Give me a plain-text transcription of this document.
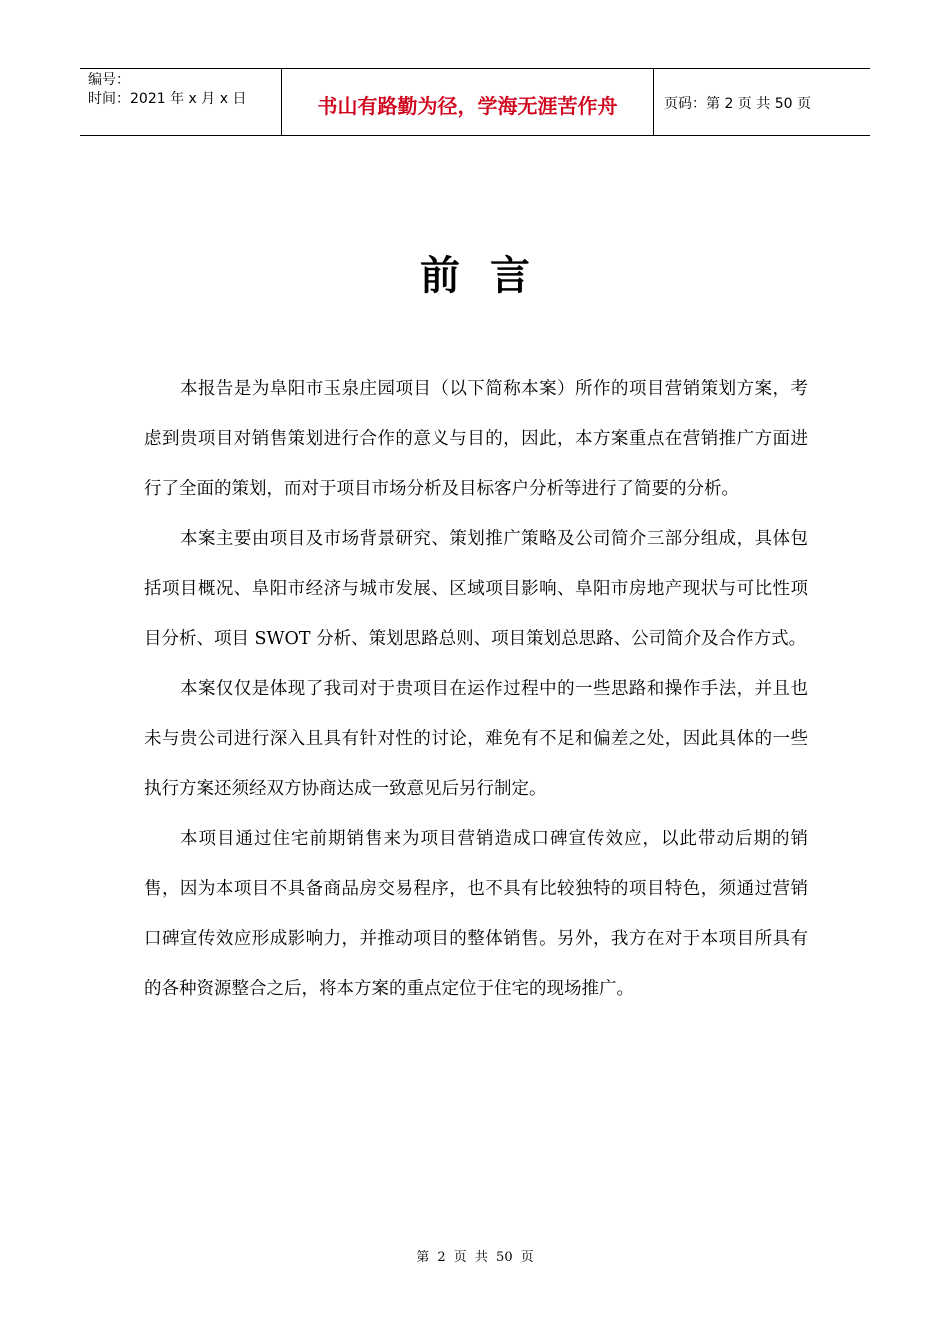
编号：
时间：2021 年 x 月 x 日	书山有路勤为径，学海无涯苦作舟	页码：第 2 页 共 50 页
前言

本报告是为阜阳市玉泉庄园项目（以下简称本案）所作的项目营销策划方案，考虑到贵项目对销售策划进行合作的意义与目的，因此，本方案重点在营销推广方面进行了全面的策划，而对于项目市场分析及目标客户分析等进行了简要的分析。

本案主要由项目及市场背景研究、策划推广策略及公司简介三部分组成，具体包括项目概况、阜阳市经济与城市发展、区域项目影响、阜阳市房地产现状与可比性项目分析、项目 SWOT 分析、策划思路总则、项目策划总思路、公司简介及合作方式。

本案仅仅是体现了我司对于贵项目在运作过程中的一些思路和操作手法，并且也未与贵公司进行深入且具有针对性的讨论，难免有不足和偏差之处，因此具体的一些执行方案还须经双方协商达成一致意见后另行制定。

本项目通过住宅前期销售来为项目营销造成口碑宣传效应，以此带动后期的销售，因为本项目不具备商品房交易程序，也不具有比较独特的项目特色，须通过营销口碑宣传效应形成影响力，并推动项目的整体销售。另外，我方在对于本项目所具有的各种资源整合之后，将本方案的重点定位于住宅的现场推广。

第 2 页 共 50 页
